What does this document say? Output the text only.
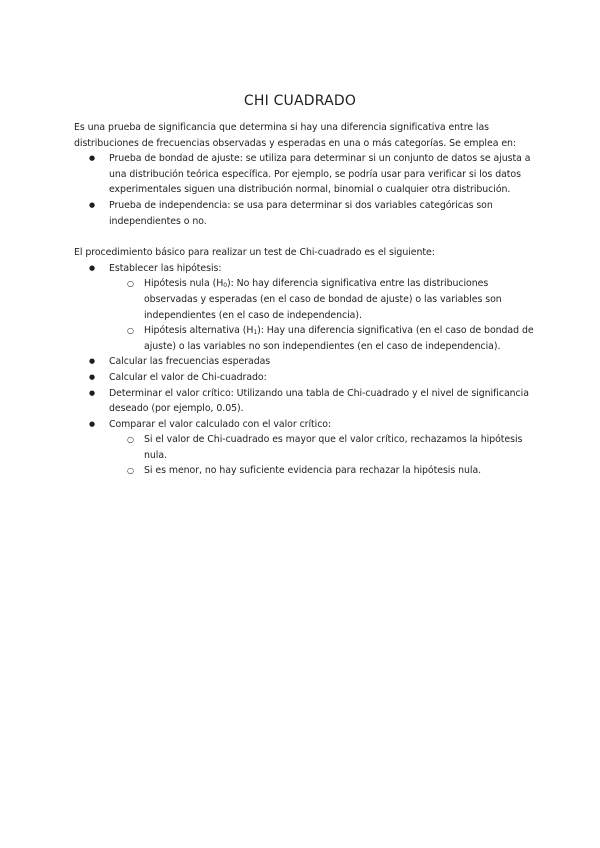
CHI CUADRADO

Es una prueba de significancia que determina si hay una diferencia significativa entre las distribuciones de frecuencias observadas y esperadas en una o más categorías. Se emplea en:

● Prueba de bondad de ajuste: se utiliza para determinar si un conjunto de datos se ajusta a una distribución teórica específica. Por ejemplo, se podría usar para verificar si los datos experimentales siguen una distribución normal, binomial o cualquier otra distribución.
● Prueba de independencia: se usa para determinar si dos variables categóricas son independientes o no.

El procedimiento básico para realizar un test de Chi-cuadrado es el siguiente:

● Establecer las hipótesis:
○ Hipótesis nula $(H_0)$: No hay diferencia significativa entre las distribuciones observadas y esperadas (en el caso de bondad de ajuste) o las variables son independientes (en el caso de independencia).
○ Hipótesis alternativa $(H_1)$: Hay una diferencia significativa (en el caso de bondad de ajuste) o las variables no son independientes (en el caso de independencia).
● Calcular las frecuencias esperadas
● Calcular el valor de Chi-cuadrado:
● Determinar el valor crítico: Utilizando una tabla de Chi-cuadrado y el nivel de significancia deseado (por ejemplo, 0.05).
● Comparar el valor calculado con el valor crítico:
○ Si el valor de Chi-cuadrado es mayor que el valor crítico, rechazamos la hipótesis nula.
○ Si es menor, no hay suficiente evidencia para rechazar la hipótesis nula.
